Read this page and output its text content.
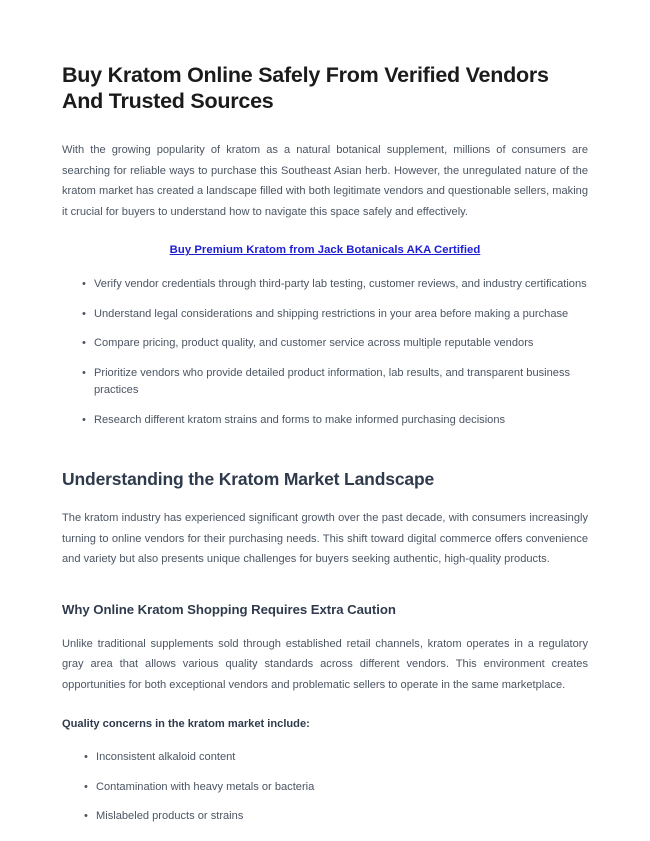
Buy Kratom Online Safely From Verified Vendors And Trusted Sources

With the growing popularity of kratom as a natural botanical supplement, millions of consumers are searching for reliable ways to purchase this Southeast Asian herb. However, the unregulated nature of the kratom market has created a landscape filled with both legitimate vendors and questionable sellers, making it crucial for buyers to understand how to navigate this space safely and effectively.

Buy Premium Kratom from Jack Botanicals AKA Certified
• Verify vendor credentials through third-party lab testing, customer reviews, and industry certifications
• Understand legal considerations and shipping restrictions in your area before making a purchase
• Compare pricing, product quality, and customer service across multiple reputable vendors
• Prioritize vendors who provide detailed product information, lab results, and transparent business practices
• Research different kratom strains and forms to make informed purchasing decisions
Understanding the Kratom Market Landscape

The kratom industry has experienced significant growth over the past decade, with consumers increasingly turning to online vendors for their purchasing needs. This shift toward digital commerce offers convenience and variety but also presents unique challenges for buyers seeking authentic, high-quality products.

Why Online Kratom Shopping Requires Extra Caution

Unlike traditional supplements sold through established retail channels, kratom operates in a regulatory gray area that allows various quality standards across different vendors. This environment creates opportunities for both exceptional vendors and problematic sellers to operate in the same marketplace.

Quality concerns in the kratom market include:

• Inconsistent alkaloid content
• Contamination with heavy metals or bacteria
• Mislabeled products or strains
